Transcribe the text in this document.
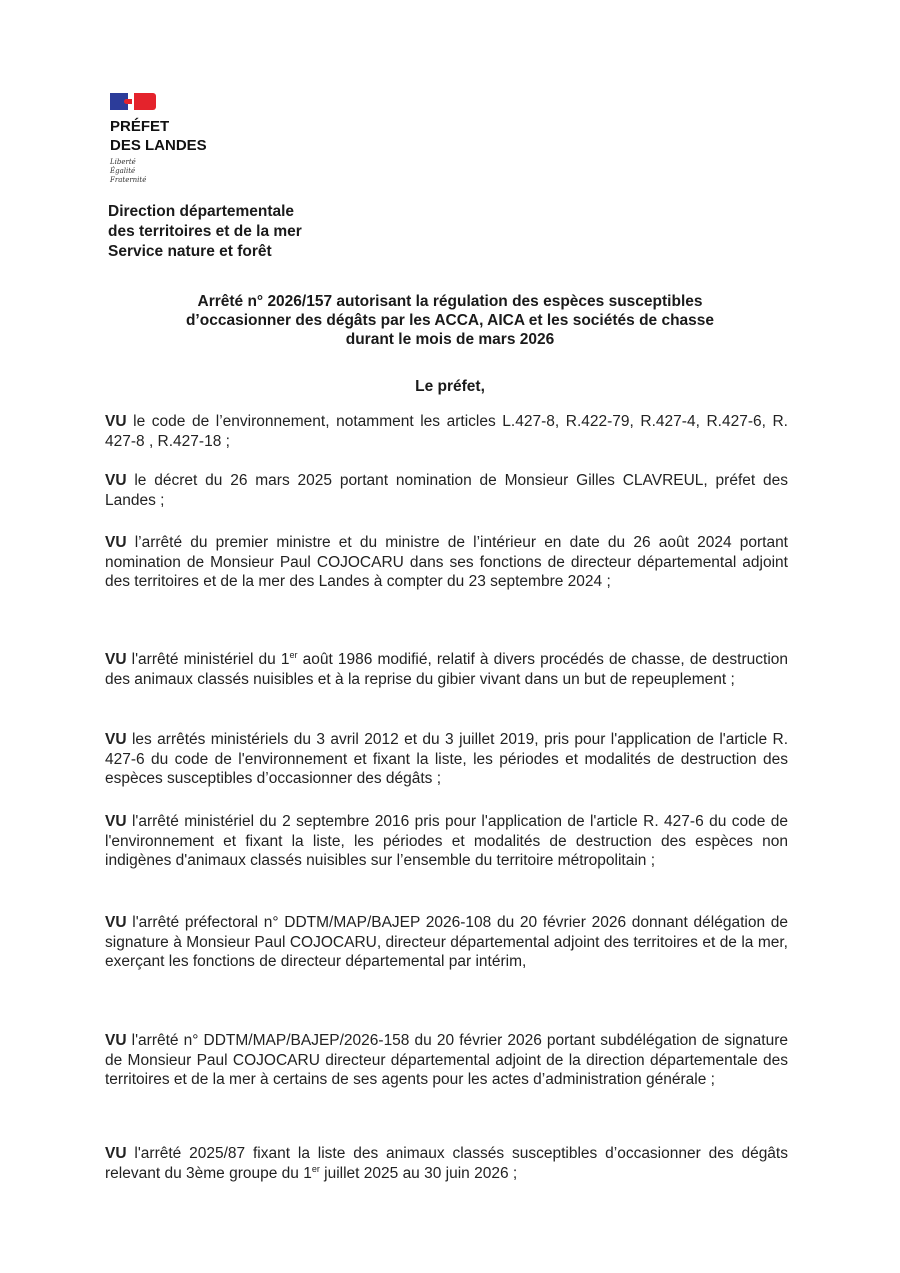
PRÉFET
DES LANDES
Liberté
Égalité
Fraternité
Direction départementale
des territoires et de la mer
Service nature et forêt
Arrêté n° 2026/157 autorisant la régulation des espèces susceptibles
d’occasionner des dégâts par les ACCA, AICA et les sociétés de chasse
durant le mois de mars 2026
Le préfet,

VU le code de l’environnement, notamment les articles L.427-8, R.422-79, R.427-4, R.427-6, R. 427-8 , R.427-18 ;

VU le décret du 26 mars 2025 portant nomination de Monsieur Gilles CLAVREUL, préfet des Landes ;

VU l’arrêté du premier ministre et du ministre de l’intérieur en date du 26 août 2024 portant nomination de Monsieur Paul COJOCARU dans ses fonctions de directeur départemental adjoint des territoires et de la mer des Landes à compter du 23 septembre 2024 ;

VU l'arrêté ministériel du 1er août 1986 modifié, relatif à divers procédés de chasse, de destruction des animaux classés nuisibles et à la reprise du gibier vivant dans un but de repeuplement ;

VU les arrêtés ministériels du 3 avril 2012 et du 3 juillet 2019, pris pour l'application de l'article R. 427-6 du code de l'environnement et fixant la liste, les périodes et modalités de destruction des espèces susceptibles d’occasionner des dégâts ;

VU l'arrêté ministériel du 2 septembre 2016 pris pour l'application de l'article R. 427-6 du code de l'environnement et fixant la liste, les périodes et modalités de destruction des espèces non indigènes d'animaux classés nuisibles sur l’ensemble du territoire métropolitain ;

VU l'arrêté préfectoral n° DDTM/MAP/BAJEP 2026-108 du 20 février 2026 donnant délégation de signature à Monsieur Paul COJOCARU, directeur départemental adjoint des territoires et de la mer, exerçant les fonctions de directeur départemental par intérim,

VU l'arrêté n° DDTM/MAP/BAJEP/2026-158 du 20 février 2026 portant subdélégation de signature de Monsieur Paul COJOCARU directeur départemental adjoint de la direction départementale des territoires et de la mer à certains de ses agents pour les actes d’administration générale ;

VU l'arrêté 2025/87 fixant la liste des animaux classés susceptibles d’occasionner des dégâts relevant du 3ème groupe du 1er juillet 2025 au 30 juin 2026 ;
